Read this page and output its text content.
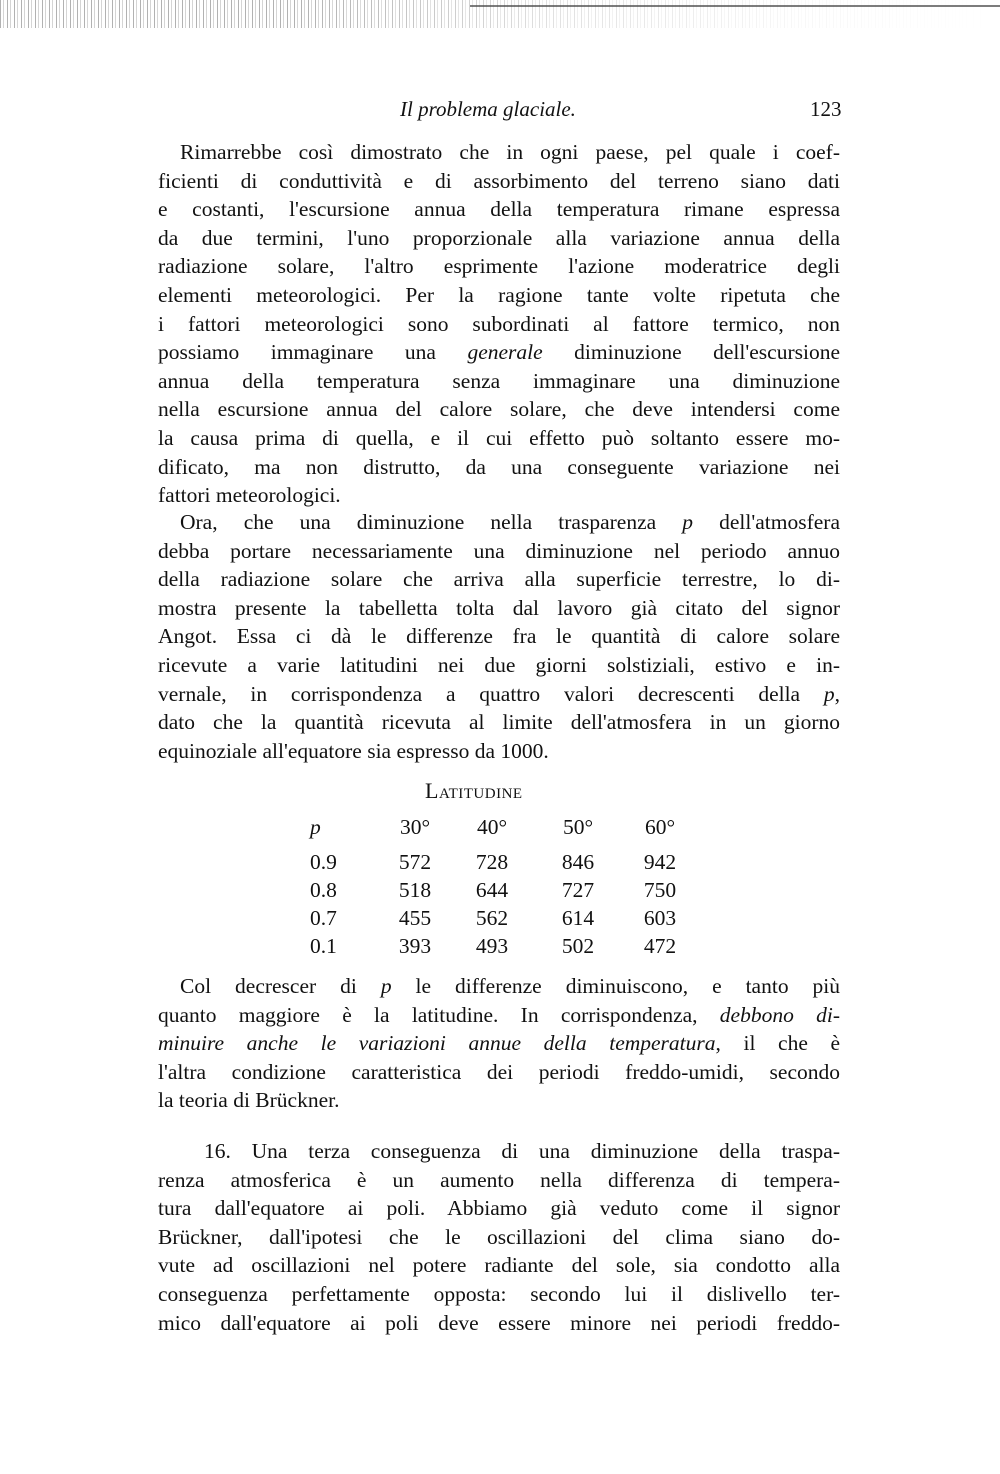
Il problema glaciale.	123
Rimarrebbe così dimostrato che in ogni paese, pel quale i coef-
ficienti di conduttività e di assorbimento del terreno siano dati
e costanti, l'escursione annua della temperatura rimane espressa
da due termini, l'uno proporzionale alla variazione annua della
radiazione solare, l'altro esprimente l'azione moderatrice degli
elementi meteorologici. Per la ragione tante volte ripetuta che
i fattori meteorologici sono subordinati al fattore termico, non
possiamo immaginare una generale diminuzione dell'escursione
annua della temperatura senza immaginare una diminuzione
nella escursione annua del calore solare, che deve intendersi come
la causa prima di quella, e il cui effetto può soltanto essere mo-
dificato, ma non distrutto, da una conseguente variazione nei
fattori meteorologici.
Ora, che una diminuzione nella trasparenza p dell'atmosfera
debba portare necessariamente una diminuzione nel periodo annuo
della radiazione solare che arriva alla superficie terrestre, lo di-
mostra presente la tabelletta tolta dal lavoro già citato del signor
Angot. Essa ci dà le differenze fra le quantità di calore solare
ricevute a varie latitudini nei due giorni solstiziali, estivo e in-
vernale, in corrispondenza a quattro valori decrescenti della p,
dato che la quantità ricevuta al limite dell'atmosfera in un giorno
equinoziale all'equatore sia espresso da 1000.
Latitudine
p	30°	40°	50°	60°
0.9	572	728	846	942
0.8	518	644	727	750
0.7	455	562	614	603
0.1	393	493	502	472
Col decrescer di p le differenze diminuiscono, e tanto più
quanto maggiore è la latitudine. In corrispondenza, debbono di-
minuire anche le variazioni annue della temperatura, il che è
l'altra condizione caratteristica dei periodi freddo-umidi, secondo
la teoria di Brückner.
16. Una terza conseguenza di una diminuzione della traspa-
renza atmosferica è un aumento nella differenza di tempera-
tura dall'equatore ai poli. Abbiamo già veduto come il signor
Brückner, dall'ipotesi che le oscillazioni del clima siano do-
vute ad oscillazioni nel potere radiante del sole, sia condotto alla
conseguenza perfettamente opposta: secondo lui il dislivello ter-
mico dall'equatore ai poli deve essere minore nei periodi freddo-
